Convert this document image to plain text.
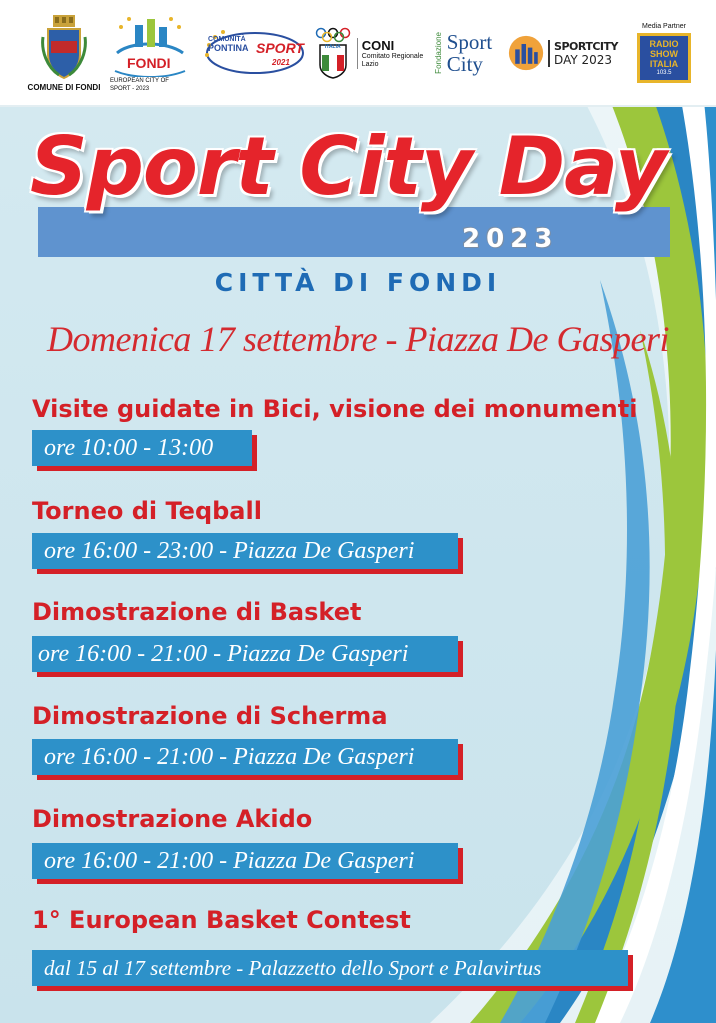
COMUNE DI FONDI
FONDI
EUROPEAN CITY OF SPORT - 2023
COMUNITÀ
PONTINA SPORT
2021
ITALIA CONI
Comitato Regionale
Lazio	Fondazione Sport
City
SPORTCITY
DAY 2023
Media Partner
RADIO
SHOW
ITALIA
103.5
Sport City Day
2023
CITTÀ DI FONDI
Domenica 17 settembre - Piazza De Gasperi
Visite guidate in Bici, visione dei monumenti
ore 10:00 - 13:00
Torneo di Teqball
ore 16:00 - 23:00 - Piazza De Gasperi
Dimostrazione di Basket
ore 16:00 - 21:00 - Piazza De Gasperi
Dimostrazione di Scherma
ore 16:00 - 21:00 - Piazza De Gasperi
Dimostrazione Akido
ore 16:00 - 21:00 - Piazza De Gasperi
1° European Basket Contest
dal 15 al 17 settembre - Palazzetto dello Sport e Palavirtus
